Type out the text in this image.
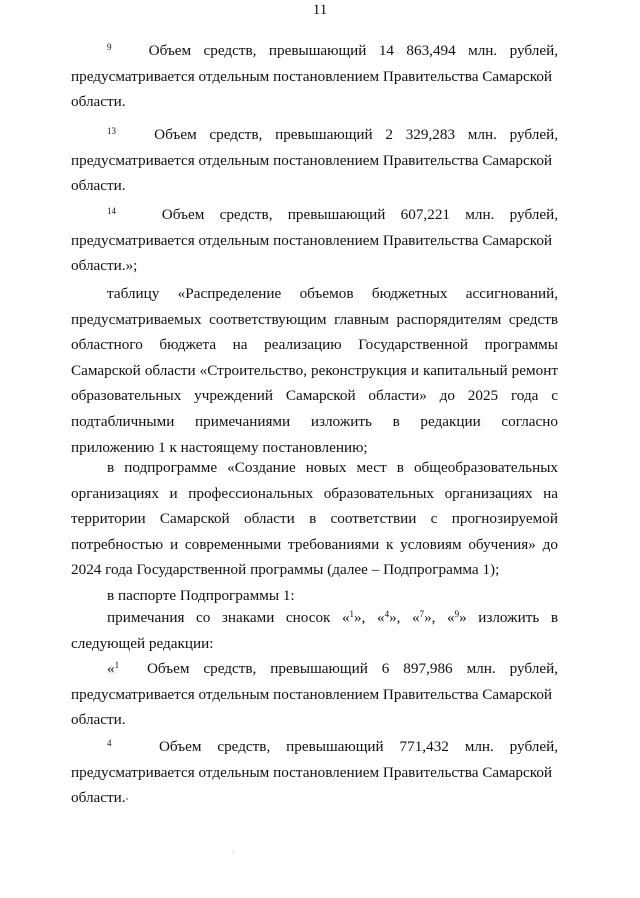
11
$^9$ Объем средств, превышающий 14 863,494 млн. рублей,
предусматривается отдельным постановлением Правительства Самарской
области.
$^{13}$	Объем средств, превышающий 2 329,283 млн. рублей,
предусматривается отдельным постановлением Правительства Самарской
области.
$^{14}$	Объем средств, превышающий 607,221 млн. рублей,
предусматривается отдельным постановлением Правительства Самарской
области.»;
таблицу «Распределение объемов бюджетных ассигнований,
предусматриваемых соответствующим главным распорядителям средств
областного бюджета на реализацию Государственной программы
Самарской области «Строительство, реконструкция и капитальный ремонт
образовательных учреждений Самарской области» до 2025 года с
подтабличными примечаниями изложить в редакции согласно
приложению 1 к настоящему постановлению;
в подпрограмме «Создание новых мест в общеобразовательных
организациях и профессиональных образовательных организациях на
территории Самарской области в соответствии с прогнозируемой
потребностью и современными требованиями к условиям обучения» до
2024 года Государственной программы (далее – Подпрограмма 1);
в паспорте Подпрограммы 1:
примечания со знаками сносок «$^1$», «$^4$», «$^7$», «$^9$» изложить в
следующей редакции:
«$^1$ Объем средств, превышающий 6 897,986 млн. рублей,
предусматривается отдельным постановлением Правительства Самарской
области.
$^4$	Объем средств, превышающий 771,432 млн. рублей,
предусматривается отдельным постановлением Правительства Самарской
области.
